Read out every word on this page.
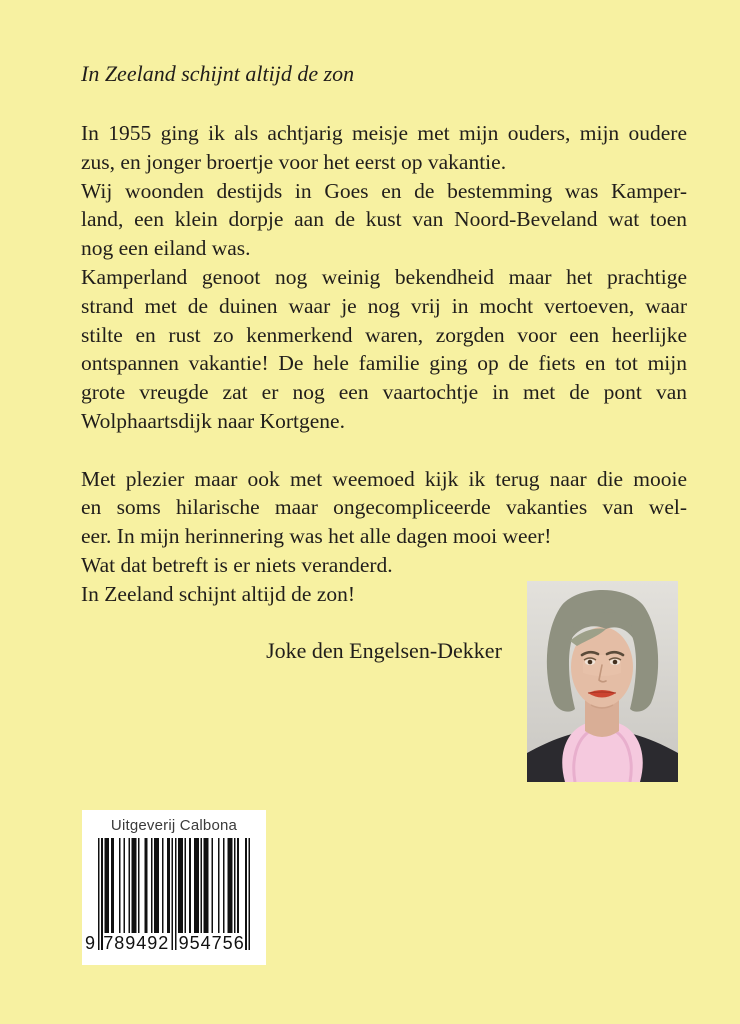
In Zeeland schijnt altijd de zon
In 1955 ging ik als achtjarig meisje met mijn ouders, mijn oudere
zus, en jonger broertje voor het eerst op vakantie.
Wij woonden destijds in Goes en de bestemming was Kamper-
land, een klein dorpje aan de kust van Noord-Beveland wat toen
nog een eiland was.
Kamperland genoot nog weinig bekendheid maar het prachtige
strand met de duinen waar je nog vrij in mocht vertoeven, waar
stilte en rust zo kenmerkend waren, zorgden voor een heerlijke
ontspannen vakantie! De hele familie ging op de fiets en tot mijn
grote vreugde zat er nog een vaartochtje in met de pont van
Wolphaartsdijk naar Kortgene.
Met plezier maar ook met weemoed kijk ik terug naar die mooie
en soms hilarische maar ongecompliceerde vakanties van wel-
eer. In mijn herinnering was het alle dagen mooi weer!
Wat dat betreft is er niets veranderd.
In Zeeland schijnt altijd de zon!
Uitgeverij Calbona
9 789492 954756
Joke den Engelsen-Dekker
